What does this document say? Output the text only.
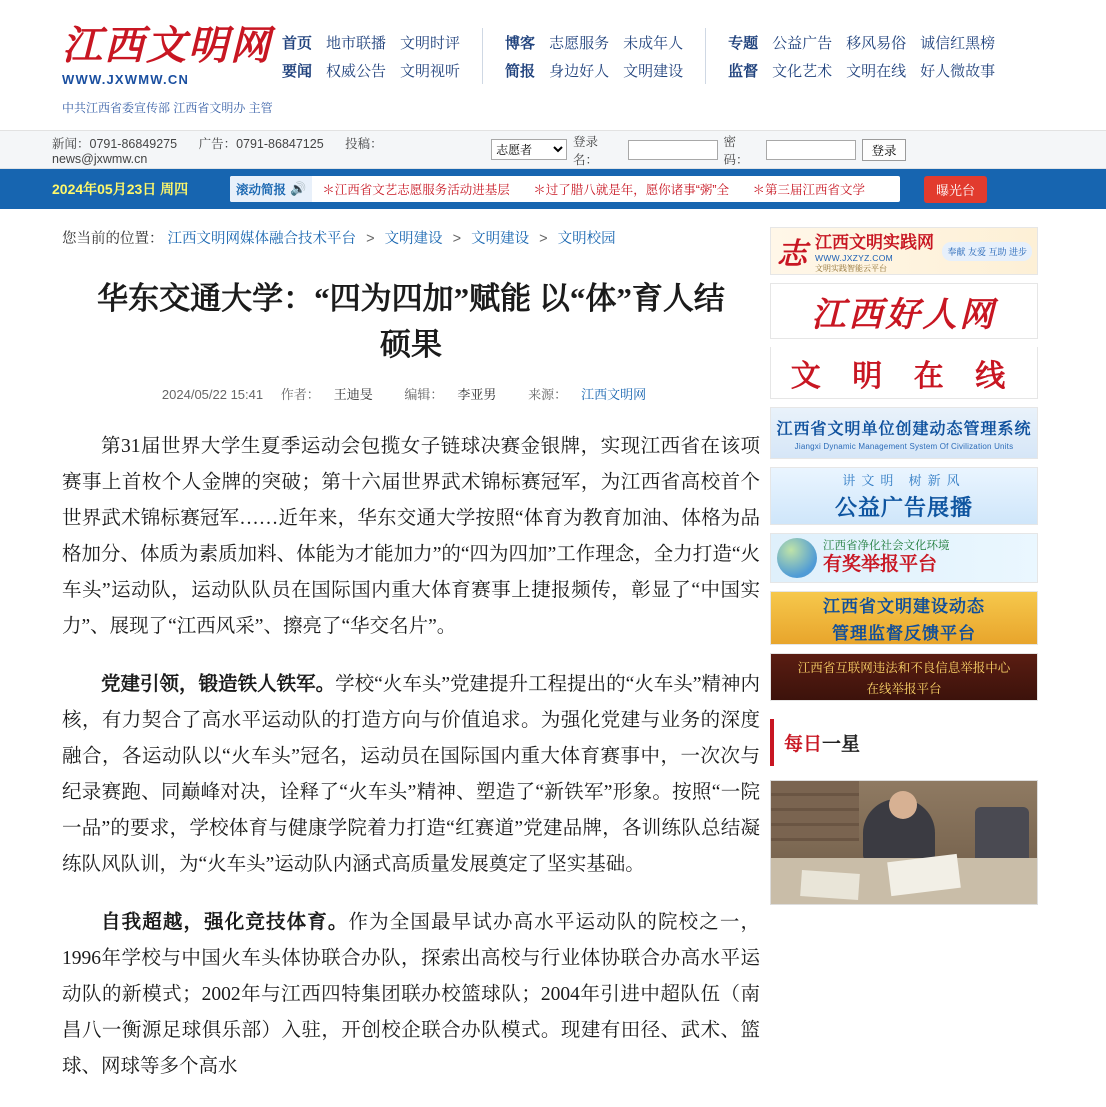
江西文明网
WWW.JXWMW.CN
中共江西省委宣传部 江西省文明办 主管
首页 地市联播 文明时评
要闻 权威公告 文明视听
博客 志愿服务 未成年人
简报 身边好人 文明建设
专题 公益广告 移风易俗 诚信红黑榜
监督 文化艺术 文明在线 好人微故事
新闻：0791-86849275 广告：0791-86847125 投稿：news@jxwmw.cn
志愿者
登录名：
密码：
登录
2024年05月23日 周四	滚动简报 🔊	＊江西省文艺志愿服务活动进基层 ＊过了腊八就是年，愿你诸事“粥”全 ＊第三届江西省文学	曝光台
您当前的位置： 江西文明网媒体融合技术平台 > 文明建设 > 文明建设 > 文明校园
华东交通大学：“四为四加”赋能 以“体”育人结硕果
2024/05/22 15:41 作者： 王迪旻 编辑： 李亚男 来源： 江西文明网

第31届世界大学生夏季运动会包揽女子链球决赛金银牌，实现江西省在该项赛事上首枚个人金牌的突破；第十六届世界武术锦标赛冠军，为江西省高校首个世界武术锦标赛冠军……近年来，华东交通大学按照“体育为教育加油、体格为品格加分、体质为素质加料、体能为才能加力”的“四为四加”工作理念，全力打造“火车头”运动队，运动队队员在国际国内重大体育赛事上捷报频传，彰显了“中国实力”、展现了“江西风采”、擦亮了“华交名片”。

党建引领，锻造铁人铁军。学校“火车头”党建提升工程提出的“火车头”精神内核，有力契合了高水平运动队的打造方向与价值追求。为强化党建与业务的深度融合，各运动队以“火车头”冠名，运动员在国际国内重大体育赛事中，一次次与纪录赛跑、同巅峰对决，诠释了“火车头”精神、塑造了“新铁军”形象。按照“一院一品”的要求，学校体育与健康学院着力打造“红赛道”党建品牌，各训练队总结凝练队风队训，为“火车头”运动队内涵式高质量发展奠定了坚实基础。

自我超越，强化竞技体育。作为全国最早试办高水平运动队的院校之一，1996年学校与中国火车头体协联合办队，探索出高校与行业体协联合办高水平运动队的新模式；2002年与江西四特集团联办校篮球队；2004年引进中超队伍（南昌八一衡源足球俱乐部）入驻，开创校企联合办队模式。现建有田径、武术、篮球、网球等多个高水

志 江西文明实践网
WWW.JXZYZ.COM
文明实践智能云平台
奉献 友爱 互助 进步
江西好人网
文 明 在 线
江西省文明单位创建动态管理系统
Jiangxi Dynamic Management System Of Civilization Units
讲文明 树新风
公益广告展播
江西省净化社会文化环境
有奖举报平台
江西省文明建设动态
管理监督反馈平台
江西省互联网违法和不良信息举报中心
在线举报平台
每日一星
